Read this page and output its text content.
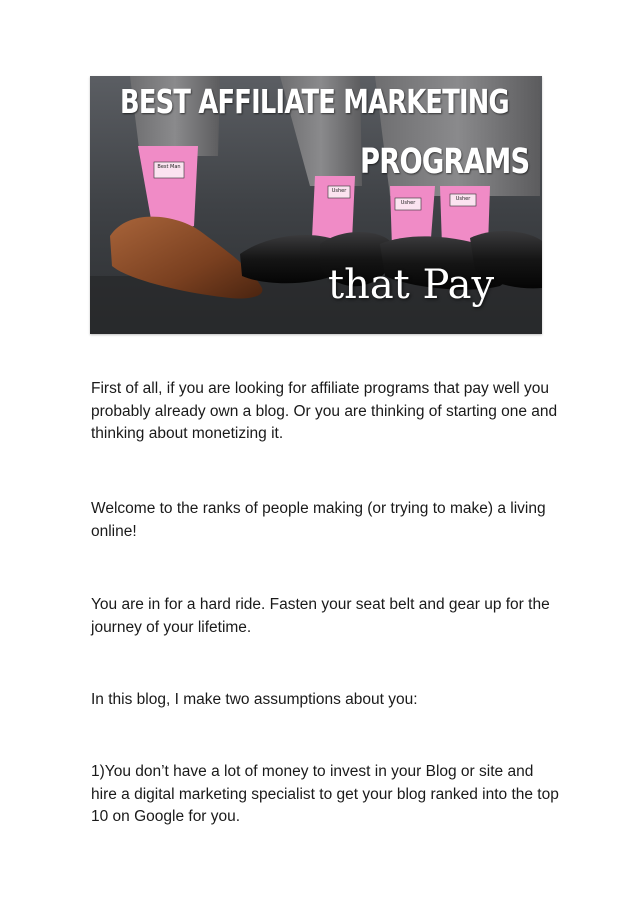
BEST AFFILIATE MARKETING
PROGRAMS
that Pay
Best Man
Usher
Usher
Usher

First of all, if you are looking for affiliate programs that pay well you probably already own a blog. Or you are thinking of starting one and thinking about monetizing it.

Welcome to the ranks of people making (or trying to make) a living online!

You are in for a hard ride. Fasten your seat belt and gear up for the journey of your lifetime.

In this blog, I make two assumptions about you:

1)You don’t have a lot of money to invest in your Blog or site and hire a digital marketing specialist to get your blog ranked into the top 10 on Google for you.
